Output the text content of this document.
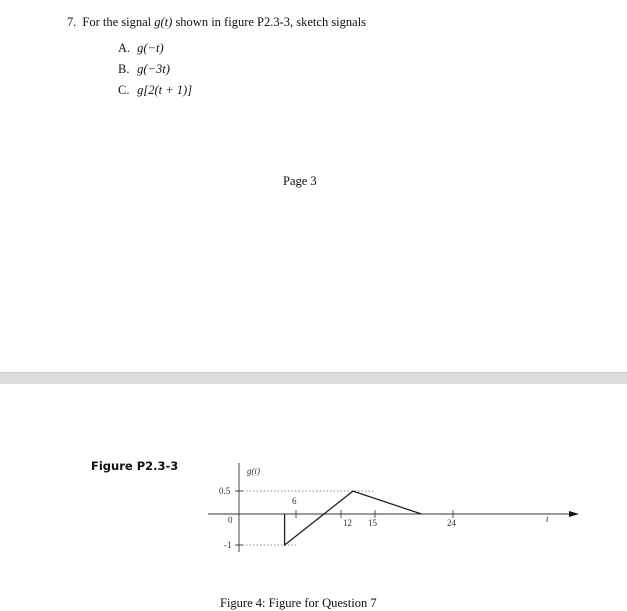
7. For the signal g(t) shown in figure P2.3-3, sketch signals
A. g(−t)
B. g(−3t)
C. g[2(t + 1)]
Page 3
Figure P2.3-3	g(t)
0.5
0
-1
6
12 15	24	t
Figure 4: Figure for Question 7
